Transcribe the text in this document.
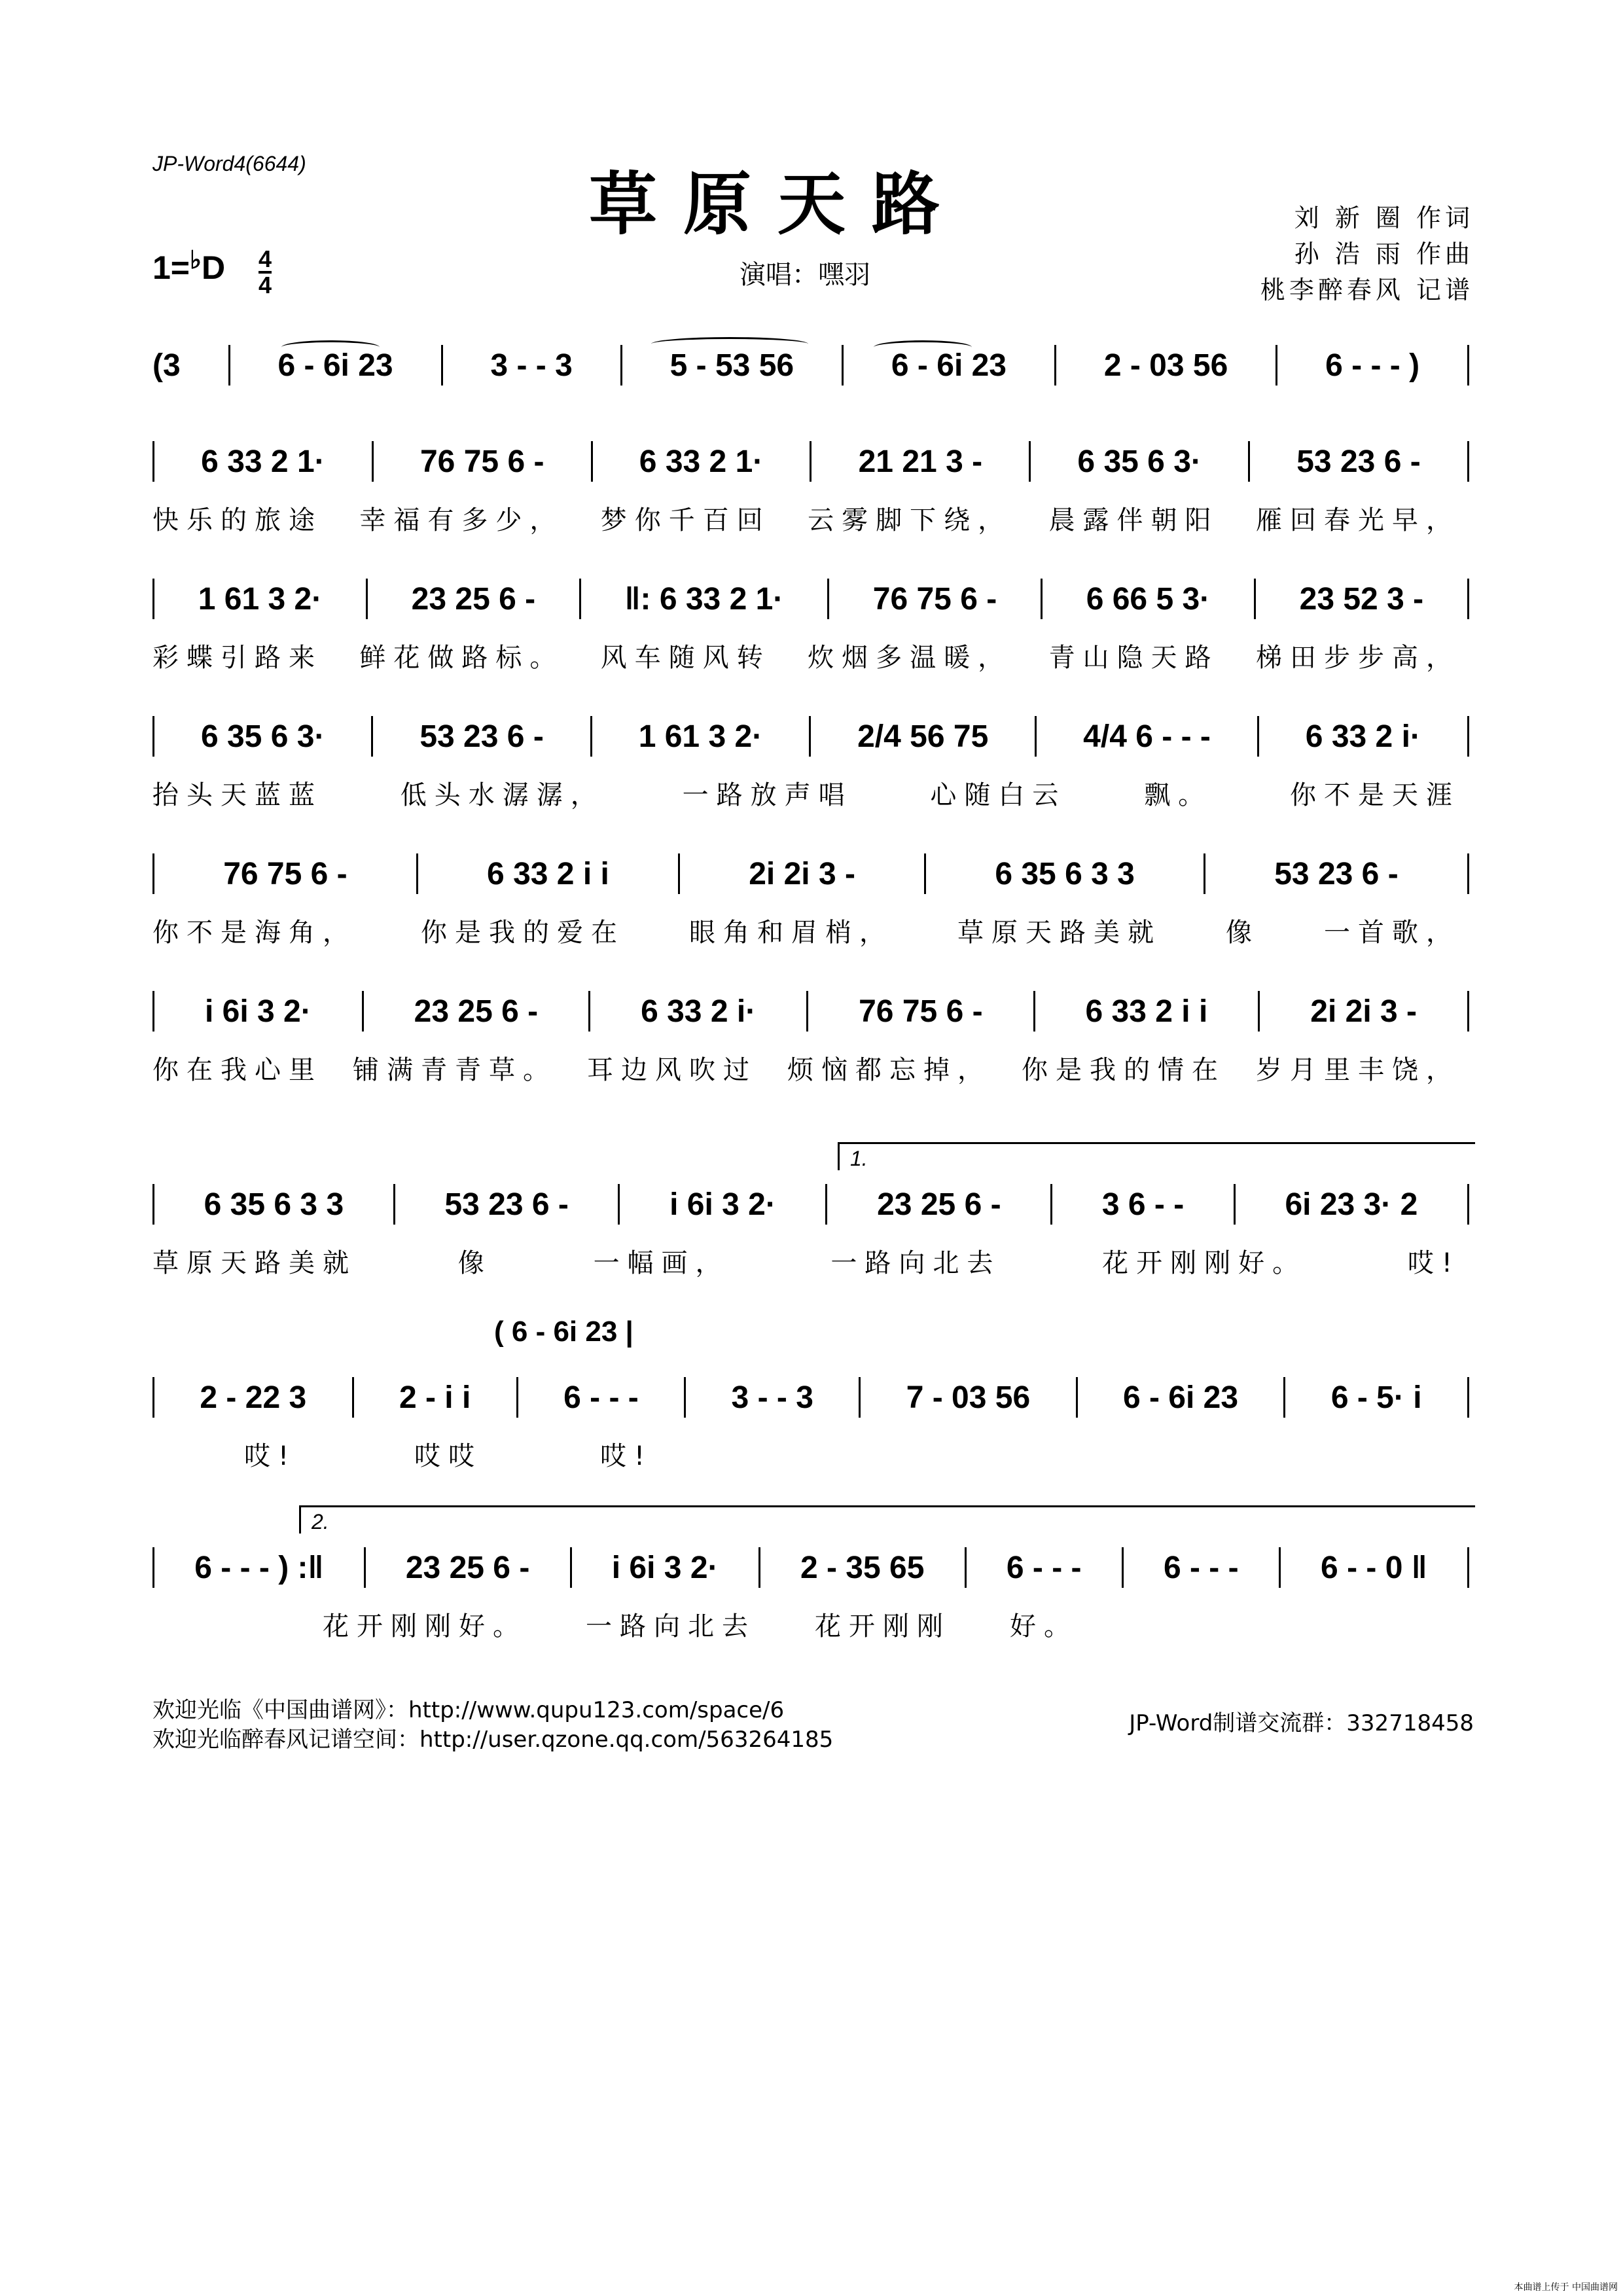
JP-Word4(6644)	草原天路	刘 新 圈 作词
孙 浩 雨 作曲
桃李醉春风 记谱
1=♭D 4
4	演唱：嘿羽
1.
2.
( 6 - 6i 23 |
(3	6 - 6i 23	3 - - 3	5 - 53 56	6 - 6i 23	2 - 03 56	6 - - - )
6 33 2 1·	76 75 6 -	6 33 2 1·	21 21 3 -	6 35 6 3·	53 23 6 -
快乐的旅途 幸福有多少， 梦你千百回 云雾脚下绕， 晨露伴朝阳 雁回春光早，
1 61 3 2·	23 25 6 -	‖: 6 33 2 1·	76 75 6 -	6 66 5 3·	23 52 3 -
彩蝶引路来 鲜花做路标。 风车随风转 炊烟多温暖， 青山隐天路 梯田步步高，
6 35 6 3·	53 23 6 -	1 61 3 2·	2/4 56 75	4/4 6 - - -	6 33 2 i·
抬头天蓝蓝	低头水潺潺，	一路放声唱	心随白云	飘。	你不是天涯
76 75 6 -	6 33 2 i i	2i 2i 3 -	6 35 6 3 3	53 23 6 -
你不是海角， 你是我的爱在 眼角和眉梢， 草原天路美就 像 一首歌，
i 6i 3 2·	23 25 6 -	6 33 2 i·	76 75 6 -	6 33 2 i i	2i 2i 3 -
你在我心里 铺满青青草。 耳边风吹过 烦恼都忘掉， 你是我的情在 岁月里丰饶，
6 35 6 3 3	53 23 6 -	i 6i 3 2·	23 25 6 -	3 6 - -	6i 23 3· 2
草原天路美就	像	一幅画，	一路向北去	花开刚刚好。	哎!
2 - 22 3	2 - i i	6 - - -	3 - - 3	7 - 03 56	6 - 6i 23	6 - 5· i
哎!	哎哎	哎!
6 - - - ) :‖	23 25 6 -	i 6i 3 2·	2 - 35 65	6 - - -	6 - - -	6 - - 0 ‖
花开刚刚好。 一路向北去 花开刚刚 好。
欢迎光临《中国曲谱网》：http://www.qupu123.com/space/6
欢迎光临醉春风记谱空间：http://user.qzone.qq.com/563264185
JP-Word制谱交流群：332718458
本曲谱上传于 中国曲谱网
